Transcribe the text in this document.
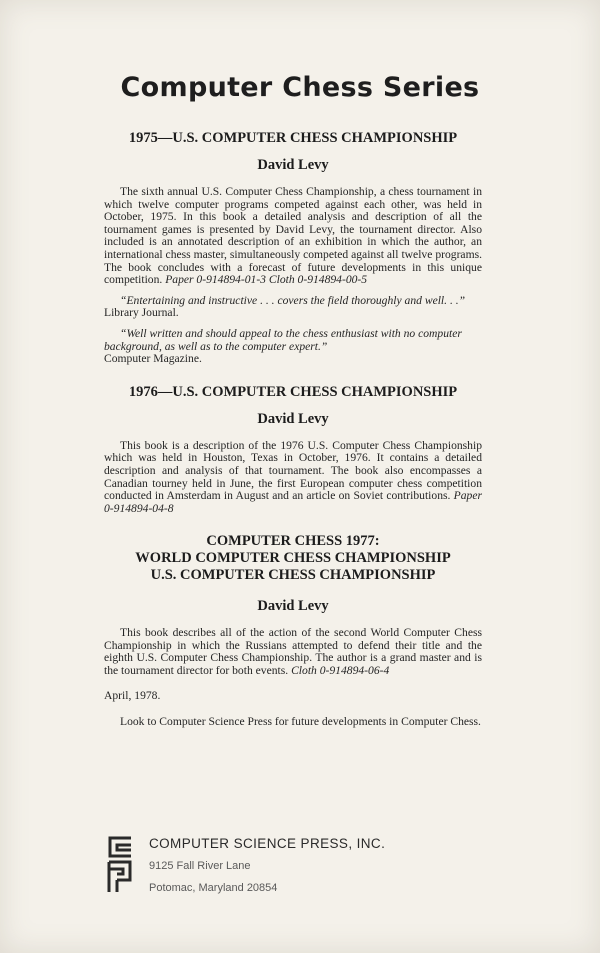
Computer Chess Series

1975—U.S. COMPUTER CHESS CHAMPIONSHIP

David Levy

The sixth annual U.S. Computer Chess Championship, a chess tournament in which twelve computer programs competed against each other, was held in October, 1975. In this book a detailed analysis and description of all the tournament games is presented by David Levy, the tournament director. Also included is an annotated description of an exhibition in which the author, an international chess master, simultaneously competed against all twelve programs. The book concludes with a forecast of future developments in this unique competition. Paper 0-914894-01-3 Cloth 0-914894-00-5

“Entertaining and instructive . . . covers the field thoroughly and well. . .” Library Journal.

“Well written and should appeal to the chess enthusiast with no computer background, as well as to the computer expert.”
Computer Magazine.

1976—U.S. COMPUTER CHESS CHAMPIONSHIP

David Levy

This book is a description of the 1976 U.S. Computer Chess Championship which was held in Houston, Texas in October, 1976. It contains a detailed description and analysis of that tournament. The book also encompasses a Canadian tourney held in June, the first European computer chess competition conducted in Amsterdam in August and an article on Soviet contributions. Paper 0-914894-04-8

COMPUTER CHESS 1977:

WORLD COMPUTER CHESS CHAMPIONSHIP

U.S. COMPUTER CHESS CHAMPIONSHIP

David Levy

This book describes all of the action of the second World Computer Chess Championship in which the Russians attempted to defend their title and the eighth U.S. Computer Chess Championship. The author is a grand master and is the tournament director for both events. Cloth 0-914894-06-4

April, 1978.

Look to Computer Science Press for future developments in Computer Chess.

COMPUTER SCIENCE PRESS, INC.
9125 Fall River Lane
Potomac, Maryland 20854
